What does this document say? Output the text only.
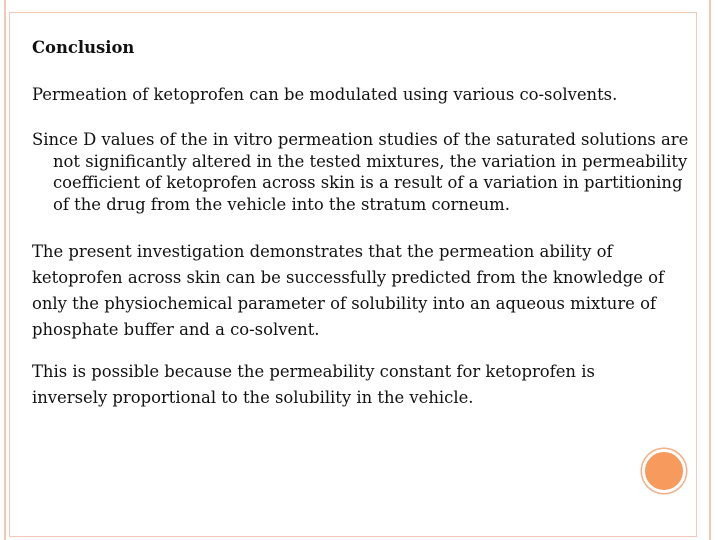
Conclusion

Permeation of ketoprofen can be modulated using various co-solvents.

Since D values of the in vitro permeation studies of the saturated solutions are not significantly altered in the tested mixtures, the variation in permeability coefficient of ketoprofen across skin is a result of a variation in partitioning of the drug from the vehicle into the stratum corneum.

The present investigation demonstrates that the permeation ability of ketoprofen across skin can be successfully predicted from the knowledge of only the physiochemical parameter of solubility into an aqueous mixture of phosphate buffer and a co-solvent.

This is possible because the permeability constant for ketoprofen is inversely proportional to the solubility in the vehicle.
